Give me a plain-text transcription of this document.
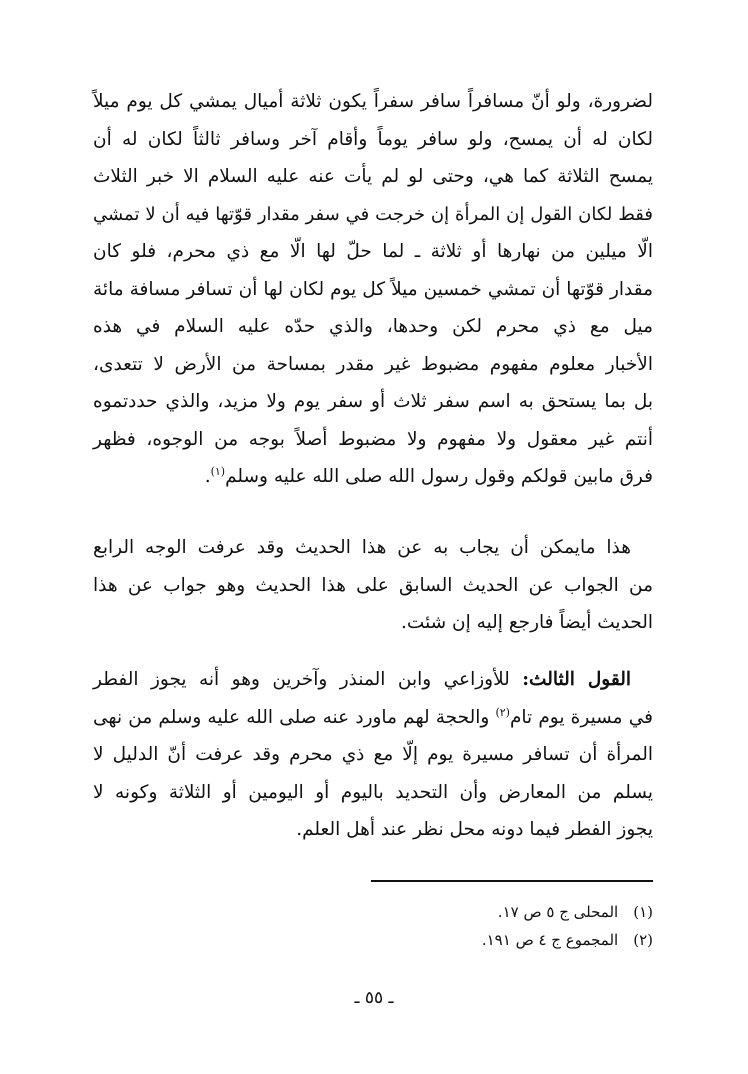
لضرورة، ولو أنّ مسافراً سافر سفراً يكون ثلاثة أميال يمشي كل يوم ميلاً
لكان له أن يمسح، ولو سافر يوماً وأقام آخر وسافر ثالثاً لكان له أن
يمسح الثلاثة كما هي، وحتى لو لم يأت عنه عليه السلام الا خبر الثلاث
فقط لكان القول إن المرأة إن خرجت في سفر مقدار قوّتها فيه أن لا تمشي
الّا ميلين من نهارها أو ثلاثة ـ لما حلّ لها الّا مع ذي محرم، فلو كان
مقدار قوّتها أن تمشي خمسين ميلاً كل يوم لكان لها أن تسافر مسافة مائة
ميل مع ذي محرم لكن وحدها، والذي حدّه عليه السلام في هذه
الأخبار معلوم مفهوم مضبوط غير مقدر بمساحة من الأرض لا تتعدى،
بل بما يستحق به اسم سفر ثلاث أو سفر يوم ولا مزيد، والذي حددتموه
أنتم غير معقول ولا مفهوم ولا مضبوط أصلاً بوجه من الوجوه، فظهر
فرق مابين قولكم وقول رسول الله صلى الله عليه وسلم$^{(١)}$.
هذا مايمكن أن يجاب به عن هذا الحديث وقد عرفت الوجه الرابع
من الجواب عن الحديث السابق على هذا الحديث وهو جواب عن هذا
الحديث أيضاً فارجع إليه إن شئت.
القول الثالث: للأوزاعي وابن المنذر وآخرين وهو أنه يجوز الفطر
في مسيرة يوم تام$^{(٢)}$ والحجة لهم ماورد عنه صلى الله عليه وسلم من نهى
المرأة أن تسافر مسيرة يوم إلّا مع ذي محرم وقد عرفت أنّ الدليل لا
يسلم من المعارض وأن التحديد باليوم أو اليومين أو الثلاثة وكونه لا
يجوز الفطر فيما دونه محل نظر عند أهل العلم.
(١) المحلى ج ٥ ص ١٧.
(٢) المجموع ج ٤ ص ١٩١.
ـ ٥٥ ـ
